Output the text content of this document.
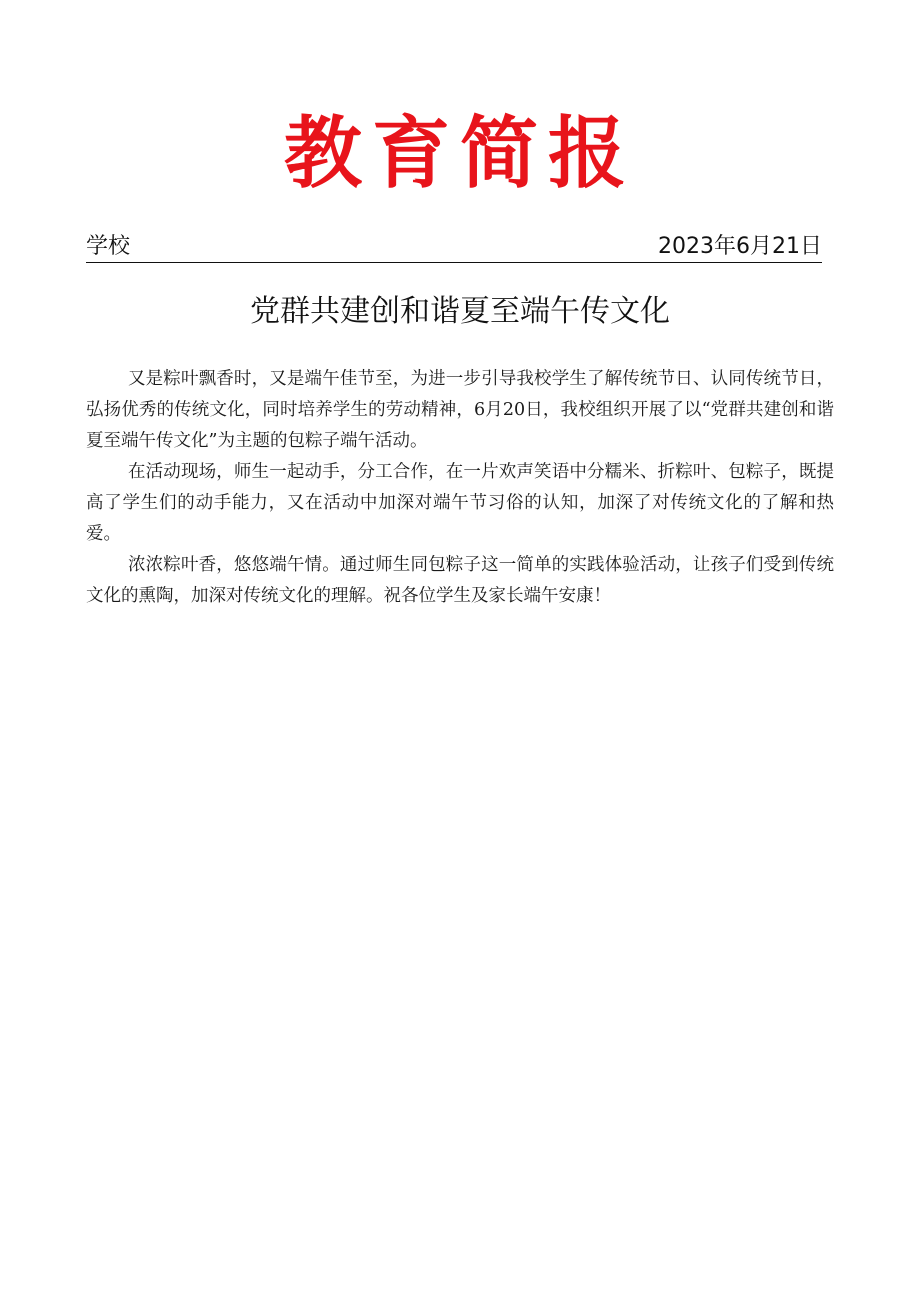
教育简报
学校	2023年6月21日
党群共建创和谐夏至端午传文化

又是粽叶飘香时，又是端午佳节至，为进一步引导我校学生了解传统节日、认同传统节日，弘扬优秀的传统文化，同时培养学生的劳动精神，6月20日，我校组织开展了以“党群共建创和谐夏至端午传文化”为主题的包粽子端午活动。

在活动现场，师生一起动手，分工合作，在一片欢声笑语中分糯米、折粽叶、包粽子，既提高了学生们的动手能力，又在活动中加深对端午节习俗的认知，加深了对传统文化的了解和热爱。

浓浓粽叶香，悠悠端午情。通过师生同包粽子这一简单的实践体验活动，让孩子们受到传统文化的熏陶，加深对传统文化的理解。祝各位学生及家长端午安康！
